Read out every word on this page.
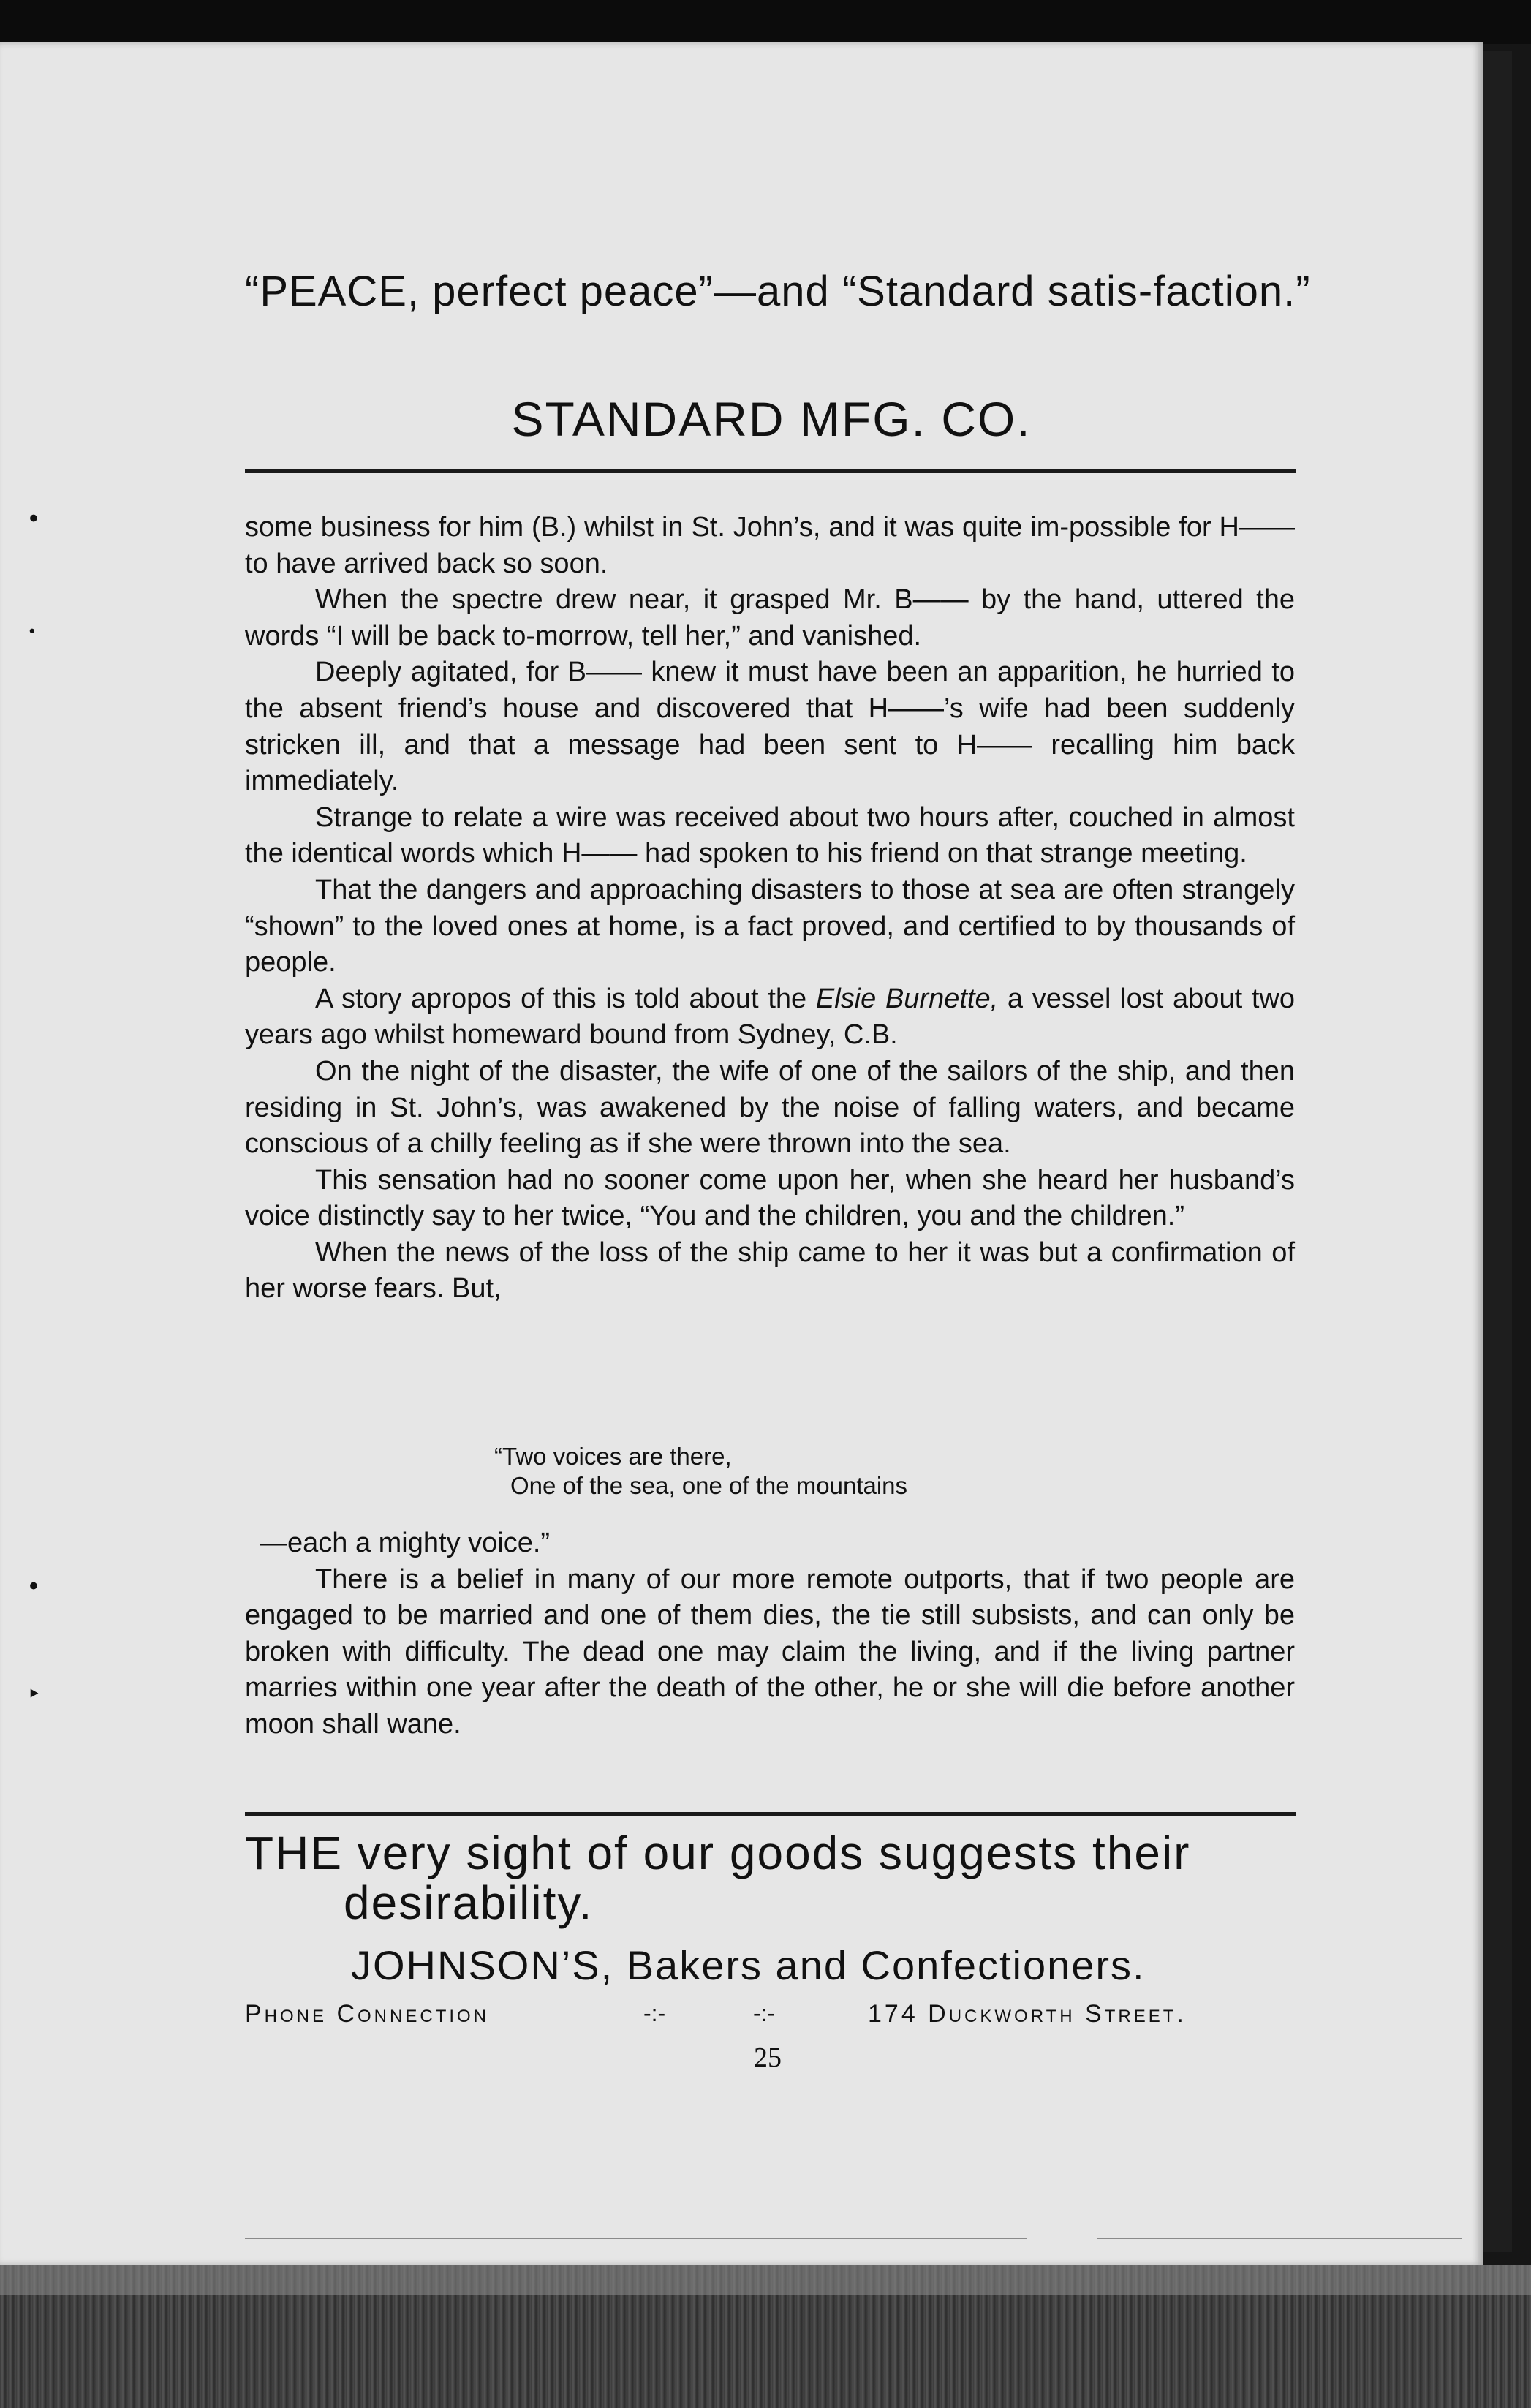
•
•
•
‣
“PEACE, perfect peace”—and “Standard satis-faction.”
STANDARD MFG. CO.

some business for him (B.) whilst in St. John’s, and it was quite im-possible for H—— to have arrived back so soon.

When the spectre drew near, it grasped Mr. B—— by the hand, uttered the words “I will be back to-morrow, tell her,” and vanished.

Deeply agitated, for B—— knew it must have been an apparition, he hurried to the absent friend’s house and discovered that H——’s wife had been suddenly stricken ill, and that a message had been sent to H—— recalling him back immediately.

Strange to relate a wire was received about two hours after, couched in almost the identical words which H—— had spoken to his friend on that strange meeting.

That the dangers and approaching disasters to those at sea are often strangely “shown” to the loved ones at home, is a fact proved, and certified to by thousands of people.

A story apropos of this is told about the Elsie Burnette, a vessel lost about two years ago whilst homeward bound from Sydney, C.B.

On the night of the disaster, the wife of one of the sailors of the ship, and then residing in St. John’s, was awakened by the noise of falling waters, and became conscious of a chilly feeling as if she were thrown into the sea.

This sensation had no sooner come upon her, when she heard her husband’s voice distinctly say to her twice, “You and the children, you and the children.”

When the news of the loss of the ship came to her it was but a confirmation of her worse fears. But,

“Two voices are there,
One of the sea, one of the mountains

—each a mighty voice.”

There is a belief in many of our more remote outports, that if two people are engaged to be married and one of them dies, the tie still subsists, and can only be broken with difficulty. The dead one may claim the living, and if the living partner marries within one year after the death of the other, he or she will die before another moon shall wane.

THE very sight of our goods suggests their desirability.
JOHNSON’S, Bakers and Confectioners.
Phone Connection	-:-	-:-	174 Duckworth Street.
25
